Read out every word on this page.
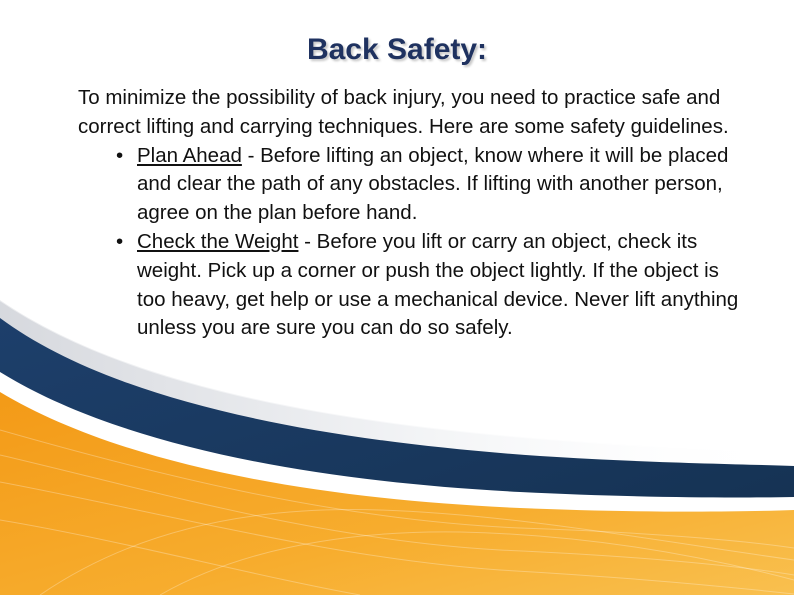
Back Safety:

To minimize the possibility of back injury, you need to practice safe and correct lifting and carrying techniques. Here are some safety guidelines.

• Plan Ahead - Before lifting an object, know where it will be placed and clear the path of any obstacles. If lifting with another person, agree on the plan before hand.
• Check the Weight - Before you lift or carry an object, check its weight. Pick up a corner or push the object lightly. If the object is too heavy, get help or use a mechanical device. Never lift anything unless you are sure you can do so safely.
